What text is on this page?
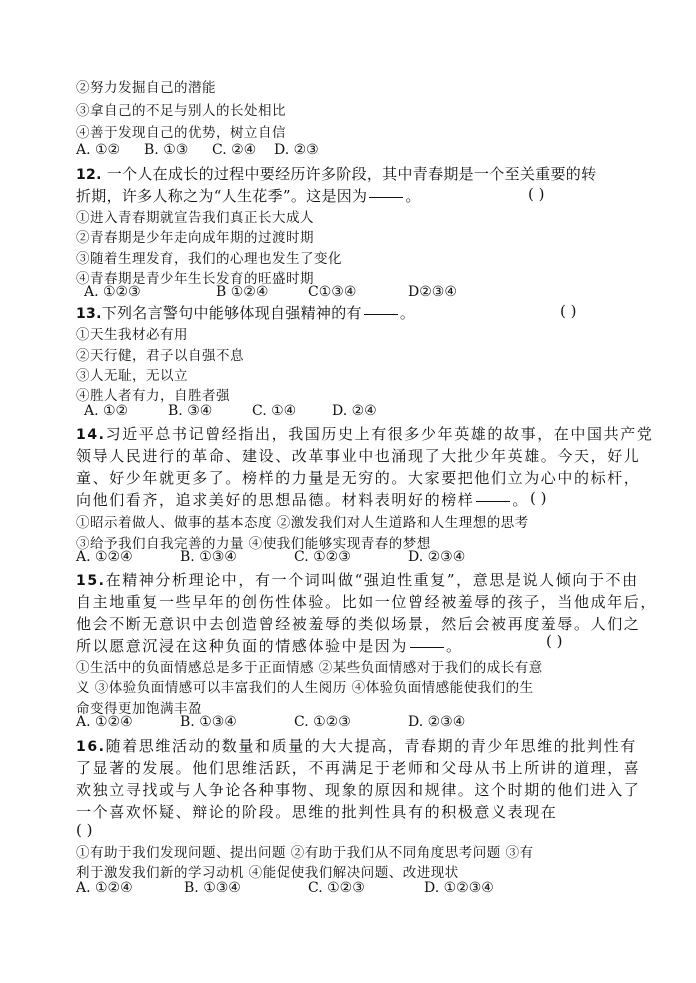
②努力发掘自己的潜能
③拿自己的不足与别人的长处相比
④善于发现自己的优势，树立自信
A. ①② B. ①③ C. ②④ D. ②③
12. 一个人在成长的过程中要经历许多阶段，其中青春期是一个至关重要的转
折期，许多人称之为“人生花季”。这是因为	。	( )
①进入青春期就宣告我们真正长大成人
②青春期是少年走向成年期的过渡时期
③随着生理发育，我们的心理也发生了变化
④青春期是青少年生长发育的旺盛时期
A. ①②③	B ①②④	C①③④	D②③④
13.下列名言警句中能够体现自强精神的有	。	( )
①天生我材必有用
②天行健，君子以自强不息
③人无耻，无以立
④胜人者有力，自胜者强
A. ①②	B. ③④	C. ①④	D. ②④
14.习近平总书记曾经指出，我国历史上有很多少年英雄的故事，在中国共产党
领导人民进行的革命、建设、改革事业中也涌现了大批少年英雄。今天，好儿
童、好少年就更多了。榜样的力量是无穷的。大家要把他们立为心中的标杆，
向他们看齐，追求美好的思想品德。材料表明好的榜样	。 ( )
①昭示着做人、做事的基本态度 ②激发我们对人生道路和人生理想的思考
③给予我们自我完善的力量 ④使我们能够实现青春的梦想
A. ①②④	B. ①③④	C. ①②③	D. ②③④
15.在精神分析理论中，有一个词叫做“强迫性重复”，意思是说人倾向于不由
自主地重复一些早年的创伤性体验。比如一位曾经被羞辱的孩子，当他成年后，
他会不断无意识中去创造曾经被羞辱的类似场景，然后会被再度羞辱。人们之
所以愿意沉浸在这种负面的情感体验中是因为	。	( )
①生活中的负面情感总是多于正面情感 ②某些负面情感对于我们的成长有意
义 ③体验负面情感可以丰富我们的人生阅历 ④体验负面情感能使我们的生
命变得更加饱满丰盈
A. ①②④	B. ①③④	C. ①②③	D. ②③④
16.随着思维活动的数量和质量的大大提高，青春期的青少年思维的批判性有
了显著的发展。他们思维活跃，不再满足于老师和父母从书上所讲的道理，喜
欢独立寻找或与人争论各种事物、现象的原因和规律。这个时期的他们进入了
一个喜欢怀疑、辩论的阶段。思维的批判性具有的积极意义表现在
( )
①有助于我们发现问题、提出问题 ②有助于我们从不同角度思考问题 ③有
利于激发我们新的学习动机 ④能促使我们解决问题、改进现状
A. ①②④	B. ①③④	C. ①②③	D. ①②③④
